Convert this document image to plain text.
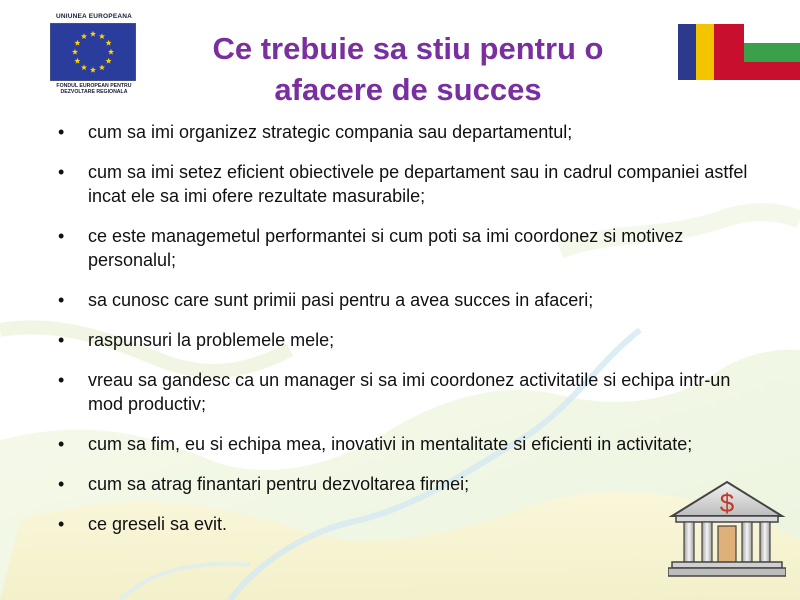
UNIUNEA EUROPEANA
FONDUL EUROPEAN PENTRU
DEZVOLTARE REGIONALA
Ce trebuie sa stiu pentru o
afacere de succes
• cum sa imi organizez strategic compania sau departamentul;
• cum sa imi setez eficient obiectivele pe departament sau in cadrul companiei astfel incat ele sa imi ofere rezultate masurabile;
• ce este managemetul performantei si cum poti sa imi coordonez si motivez personalul;
• sa cunosc care sunt primii pasi pentru a avea succes in afaceri;
• raspunsuri la problemele mele;
• vreau sa gandesc ca un manager si sa imi coordonez activitatile si echipa intr-un mod productiv;
• cum sa fim, eu si echipa mea, inovativi in mentalitate si eficienti in activitate;
• cum sa atrag finantari pentru dezvoltarea firmei;
• ce greseli sa evit.
$
